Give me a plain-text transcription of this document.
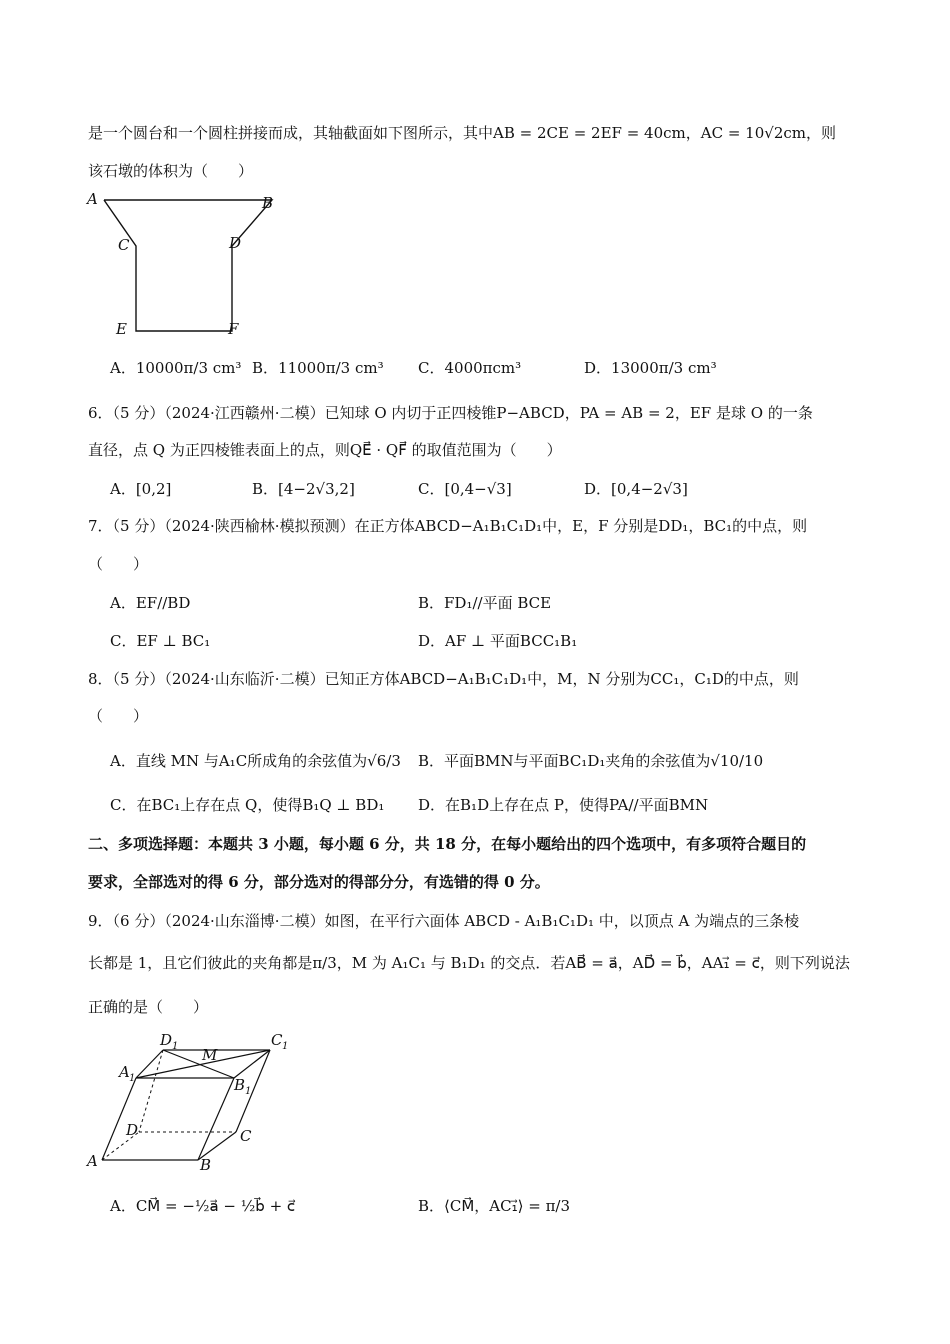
是一个圆台和一个圆柱拼接而成，其轴截面如下图所示，其中AB = 2CE = 2EF = 40cm，AC = 10√2cm，则
该石墩的体积为（　　）
A	B
C	D
E	F
A．10000π/3 cm³ B．11000π/3 cm³ C．4000πcm³	D．13000π/3 cm³
6．（5 分）（2024·江西赣州·二模）已知球 O 内切于正四棱锥P−ABCD，PA = AB = 2，EF 是球 O 的一条
直径，点 Q 为正四棱锥表面上的点，则QE⃗ · QF⃗ 的取值范围为（　　）
A．[0,2]	B．[4−2√3,2]	C．[0,4−√3]	D．[0,4−2√3]
7．（5 分）（2024·陕西榆林·模拟预测）在正方体ABCD−A₁B₁C₁D₁中，E，F 分别是DD₁，BC₁的中点，则
（　　）
A．EF//BD	B．FD₁//平面 BCE
C．EF ⊥ BC₁	D．AF ⊥ 平面BCC₁B₁
8．（5 分）（2024·山东临沂·二模）已知正方体ABCD−A₁B₁C₁D₁中，M，N 分别为CC₁，C₁D的中点，则
（　　）
A．直线 MN 与A₁C所成角的余弦值为√6/3 B．平面BMN与平面BC₁D₁夹角的余弦值为√10/10
C．在BC₁上存在点 Q，使得B₁Q ⊥ BD₁ D．在B₁D上存在点 P，使得PA//平面BMN
二、多项选择题：本题共 3 小题，每小题 6 分，共 18 分，在每小题给出的四个选项中，有多项符合题目的
要求，全部选对的得 6 分，部分选对的得部分分，有选错的得 0 分。
9．（6 分）（2024·山东淄博·二模）如图，在平行六面体 ABCD - A₁B₁C₁D₁ 中，以顶点 A 为端点的三条棱
长都是 1，且它们彼此的夹角都是π/3，M 为 A₁C₁ 与 B₁D₁ 的交点．若AB⃗ = a⃗，AD⃗ = b⃗，AA₁⃗ = c⃗，则下列说法
正确的是（　　）
D 1 M
C 1
A 1	B 1
D	C
A	B
A．CM⃗ = −½a⃗ − ½b⃗ + c⃗	B．⟨CM⃗，AC₁⃗⟩ = π/3
